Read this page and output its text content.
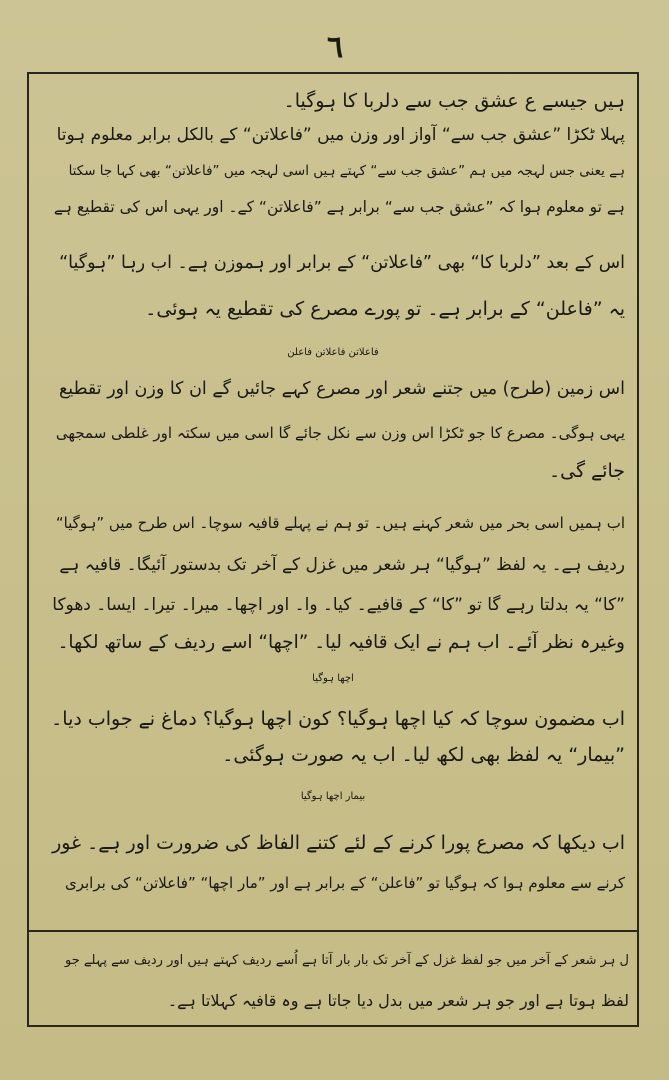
٦
ہیں جیسے ع عشق جب سے دلربا کا ہوگیا۔
پہلا ٹکڑا ”عشق جب سے“ آواز اور وزن میں ”فاعلاتن“ کے بالکل برابر معلوم ہوتا
ہے یعنی جس لہجہ میں ہم ”عشق جب سے“ کہتے ہیں اسی لہجہ میں ”فاعلاتن“ بھی کہا جا سکتا
ہے تو معلوم ہوا کہ ”عشق جب سے“ برابر ہے ”فاعلاتن“ کے۔ اور یہی اس کی تقطیع ہے
اس کے بعد ”دلربا کا“ بھی ”فاعلاتن“ کے برابر اور ہموزن ہے۔ اب رہا ”ہوگیا“
یہ ”فاعلن“ کے برابر ہے۔ تو پورے مصرع کی تقطیع یہ ہوئی۔
فاعلاتن فاعلاتن فاعلن
اس زمین (طرح) میں جتنے شعر اور مصرع کہے جائیں گے ان کا وزن اور تقطیع
یہی ہوگی۔ مصرع کا جو ٹکڑا اس وزن سے نکل جائے گا اسی میں سکتہ اور غلطی سمجھی
جائے گی۔
اب ہمیں اسی بحر میں شعر کہنے ہیں۔ تو ہم نے پہلے قافیہ سوچا۔ اس طرح میں ”ہوگیا“
ردیف ہے۔ یہ لفظ ”ہوگیا“ ہر شعر میں غزل کے آخر تک بدستور آئیگا۔ قافیہ ہے
”کا“ یہ بدلتا رہے گا تو ”کا“ کے قافیے۔ کیا۔ وا۔ اور اچھا۔ میرا۔ تیرا۔ ایسا۔ دھوکا
وغیرہ نظر آئے۔ اب ہم نے ایک قافیہ لیا۔ ”اچھا“ اسے ردیف کے ساتھ لکھا۔
اچھا ہوگیا
اب مضمون سوچا کہ کیا اچھا ہوگیا؟ کون اچھا ہوگیا؟ دماغ نے جواب دیا۔
”بیمار“ یہ لفظ بھی لکھ لیا۔ اب یہ صورت ہوگئی۔
بیمار اچھا ہوگیا
اب دیکھا کہ مصرع پورا کرنے کے لئے کتنے الفاظ کی ضرورت اور ہے۔ غور
کرنے سے معلوم ہوا کہ ہوگیا تو ”فاعلن“ کے برابر ہے اور ”مار اچھا“ ”فاعلاتن“ کی برابری
ل ہر شعر کے آخر میں جو لفظ غزل کے آخر تک بار بار آتا ہے اُسے ردیف کہتے ہیں اور ردیف سے پہلے جو
لفظ ہوتا ہے اور جو ہر شعر میں بدل دیا جاتا ہے وہ قافیہ کہلاتا ہے۔
